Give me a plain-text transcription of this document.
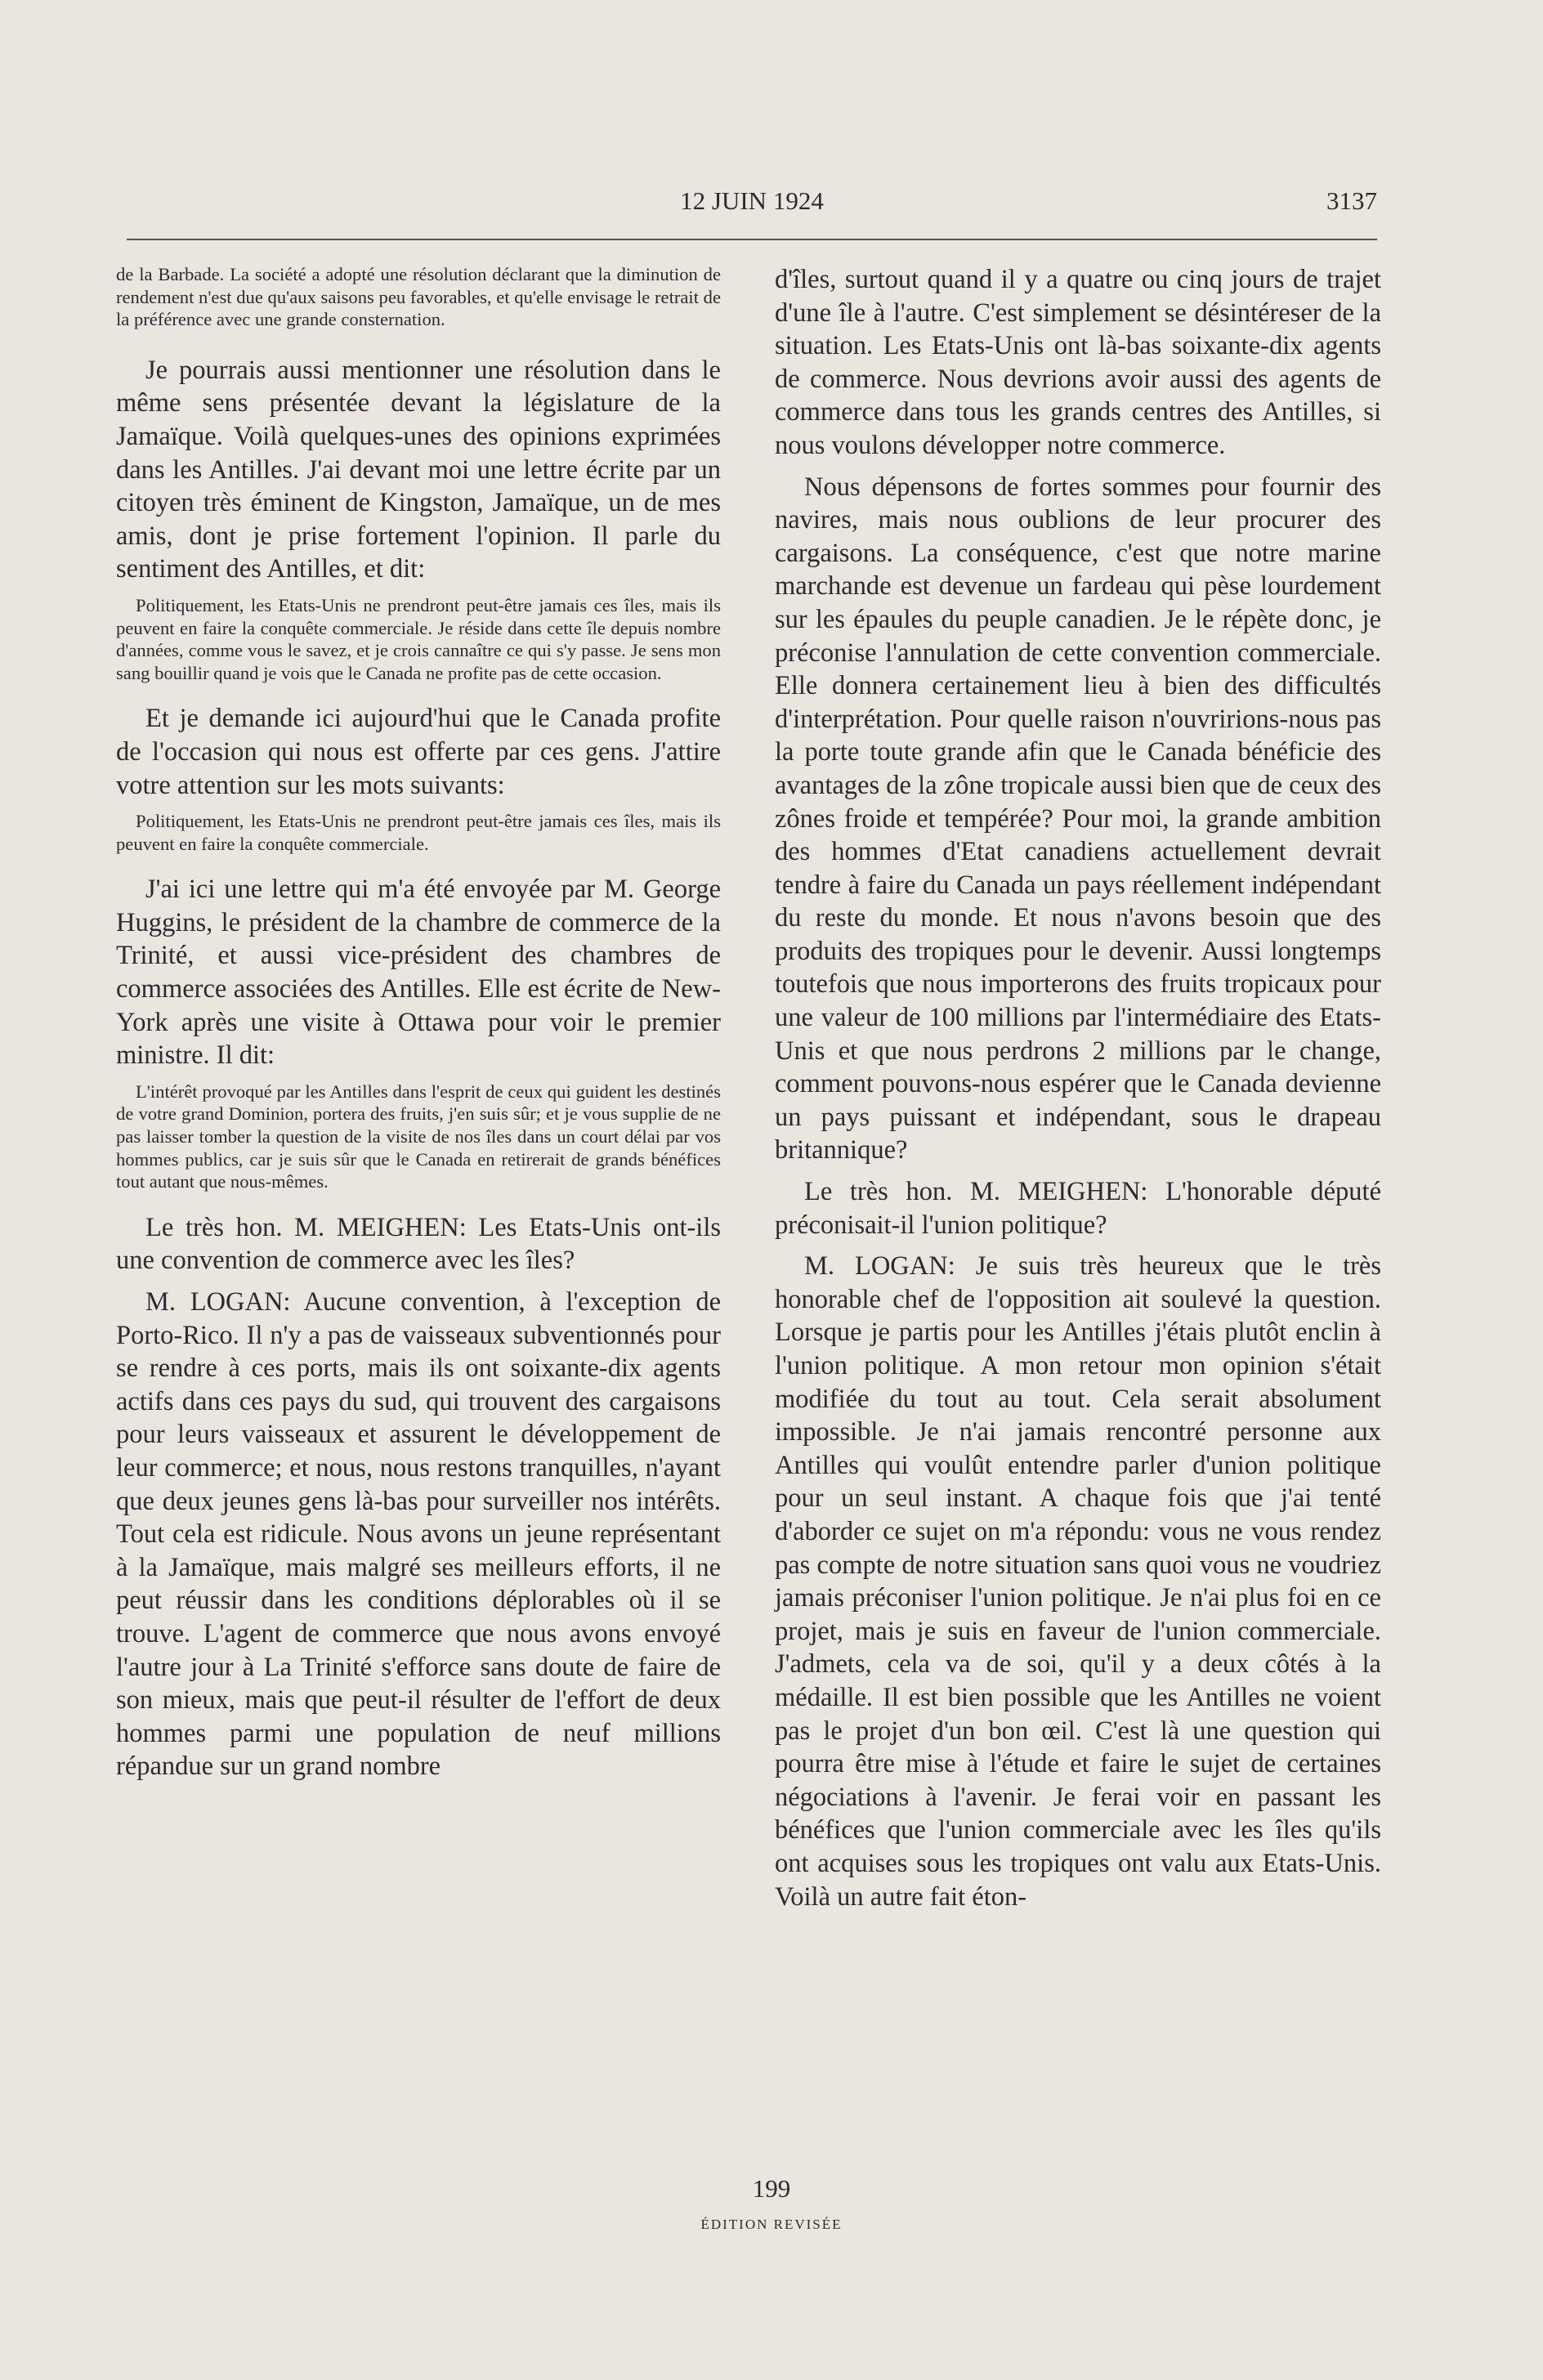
12 JUIN 1924	3137

de la Barbade. La société a adopté une résolution déclarant que la diminution de rendement n'est due qu'aux saisons peu favorables, et qu'elle envisage le retrait de la préférence avec une grande consternation.

Je pourrais aussi mentionner une résolution dans le même sens présentée devant la législature de la Jamaïque. Voilà quelques-unes des opinions exprimées dans les Antilles. J'ai devant moi une lettre écrite par un citoyen très éminent de Kingston, Jamaïque, un de mes amis, dont je prise fortement l'opinion. Il parle du sentiment des Antilles, et dit:

Politiquement, les Etats-Unis ne prendront peut-être jamais ces îles, mais ils peuvent en faire la conquête commerciale. Je réside dans cette île depuis nombre d'années, comme vous le savez, et je crois cannaître ce qui s'y passe. Je sens mon sang bouillir quand je vois que le Canada ne profite pas de cette occasion.

Et je demande ici aujourd'hui que le Canada profite de l'occasion qui nous est offerte par ces gens. J'attire votre attention sur les mots suivants:

Politiquement, les Etats-Unis ne prendront peut-être jamais ces îles, mais ils peuvent en faire la conquête commerciale.

J'ai ici une lettre qui m'a été envoyée par M. George Huggins, le président de la chambre de commerce de la Trinité, et aussi vice-président des chambres de commerce associées des Antilles. Elle est écrite de New-York après une visite à Ottawa pour voir le premier ministre. Il dit:

L'intérêt provoqué par les Antilles dans l'esprit de ceux qui guident les destinés de votre grand Dominion, portera des fruits, j'en suis sûr; et je vous supplie de ne pas laisser tomber la question de la visite de nos îles dans un court délai par vos hommes publics, car je suis sûr que le Canada en retirerait de grands bénéfices tout autant que nous-mêmes.

Le très hon. M. MEIGHEN: Les Etats-Unis ont-ils une convention de commerce avec les îles?

M. LOGAN: Aucune convention, à l'exception de Porto-Rico. Il n'y a pas de vaisseaux subventionnés pour se rendre à ces ports, mais ils ont soixante-dix agents actifs dans ces pays du sud, qui trouvent des cargaisons pour leurs vaisseaux et assurent le développement de leur commerce; et nous, nous restons tranquilles, n'ayant que deux jeunes gens là-bas pour surveiller nos intérêts. Tout cela est ridicule. Nous avons un jeune représentant à la Jamaïque, mais malgré ses meilleurs efforts, il ne peut réussir dans les conditions déplorables où il se trouve. L'agent de commerce que nous avons envoyé l'autre jour à La Trinité s'efforce sans doute de faire de son mieux, mais que peut-il résulter de l'effort de deux hommes parmi une population de neuf millions répandue sur un grand nombre

d'îles, surtout quand il y a quatre ou cinq jours de trajet d'une île à l'autre. C'est simplement se désintéreser de la situation. Les Etats-Unis ont là-bas soixante-dix agents de commerce. Nous devrions avoir aussi des agents de commerce dans tous les grands centres des Antilles, si nous voulons développer notre commerce.

Nous dépensons de fortes sommes pour fournir des navires, mais nous oublions de leur procurer des cargaisons. La conséquence, c'est que notre marine marchande est devenue un fardeau qui pèse lourdement sur les épaules du peuple canadien. Je le répète donc, je préconise l'annulation de cette convention commerciale. Elle donnera certainement lieu à bien des difficultés d'interprétation. Pour quelle raison n'ouvririons-nous pas la porte toute grande afin que le Canada bénéficie des avantages de la zône tropicale aussi bien que de ceux des zônes froide et tempérée? Pour moi, la grande ambition des hommes d'Etat canadiens actuellement devrait tendre à faire du Canada un pays réellement indépendant du reste du monde. Et nous n'avons besoin que des produits des tropiques pour le devenir. Aussi longtemps toutefois que nous importerons des fruits tropicaux pour une valeur de 100 millions par l'intermédiaire des Etats-Unis et que nous perdrons 2 millions par le change, comment pouvons-nous espérer que le Canada devienne un pays puissant et indépendant, sous le drapeau britannique?

Le très hon. M. MEIGHEN: L'honorable député préconisait-il l'union politique?

M. LOGAN: Je suis très heureux que le très honorable chef de l'opposition ait soulevé la question. Lorsque je partis pour les Antilles j'étais plutôt enclin à l'union politique. A mon retour mon opinion s'était modifiée du tout au tout. Cela serait absolument impossible. Je n'ai jamais rencontré personne aux Antilles qui voulût entendre parler d'union politique pour un seul instant. A chaque fois que j'ai tenté d'aborder ce sujet on m'a répondu: vous ne vous rendez pas compte de notre situation sans quoi vous ne voudriez jamais préconiser l'union politique. Je n'ai plus foi en ce projet, mais je suis en faveur de l'union commerciale. J'admets, cela va de soi, qu'il y a deux côtés à la médaille. Il est bien possible que les Antilles ne voient pas le projet d'un bon œil. C'est là une question qui pourra être mise à l'étude et faire le sujet de certaines négociations à l'avenir. Je ferai voir en passant les bénéfices que l'union commerciale avec les îles qu'ils ont acquises sous les tropiques ont valu aux Etats-Unis. Voilà un autre fait éton-

199
ÉDITION REVISÉE
